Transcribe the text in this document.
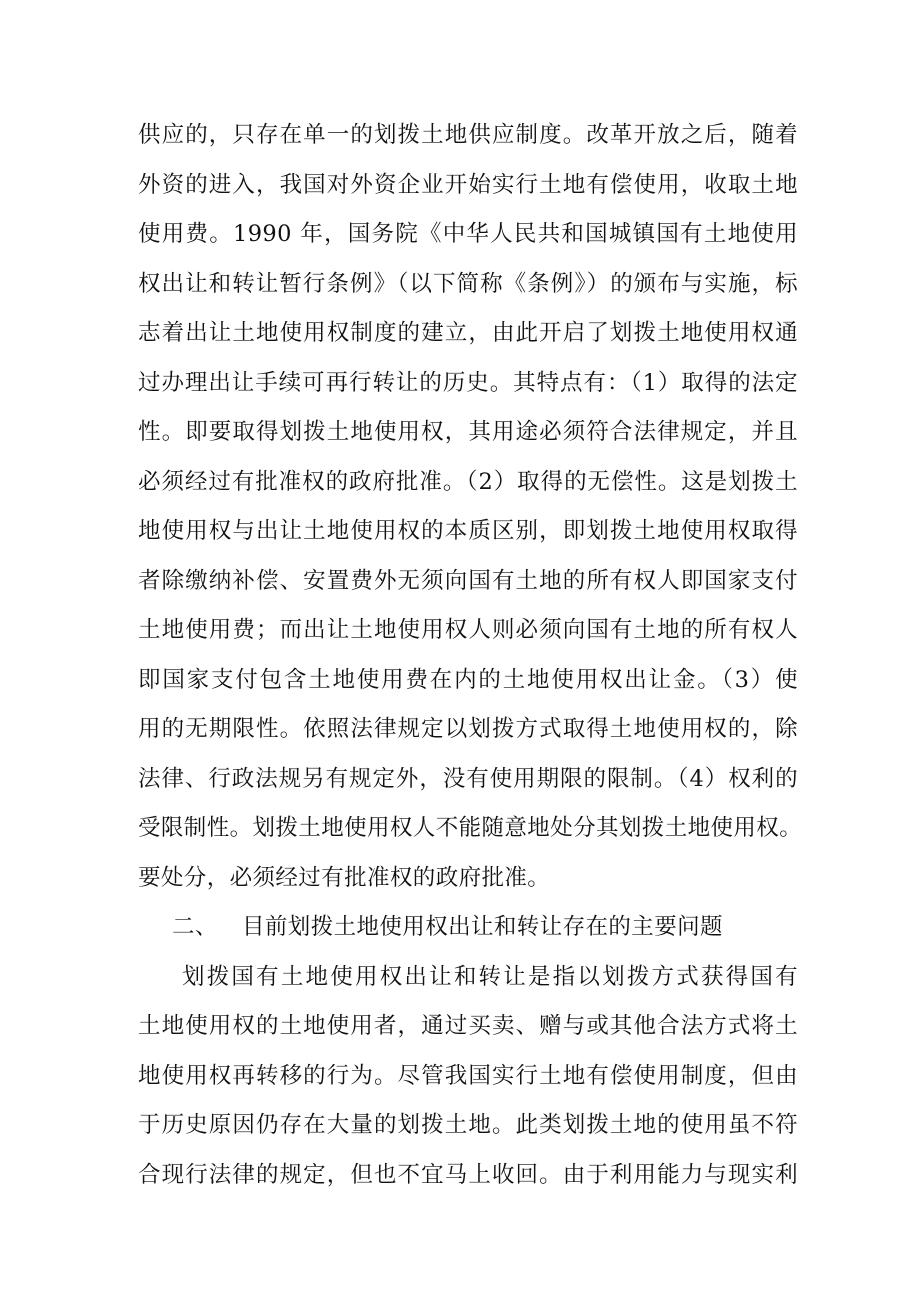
供应的，只存在单一的划拨土地供应制度。改革开放之后，随着
外资的进入，我国对外资企业开始实行土地有偿使用，收取土地
使用费。1990 年，国务院《中华人民共和国城镇国有土地使用
权出让和转让暂行条例》（以下简称《条例》）的颁布与实施，标
志着出让土地使用权制度的建立，由此开启了划拨土地使用权通
过办理出让手续可再行转让的历史。其特点有：（1）取得的法定
性。即要取得划拨土地使用权，其用途必须符合法律规定，并且
必须经过有批准权的政府批准。（2）取得的无偿性。这是划拨土
地使用权与出让土地使用权的本质区别，即划拨土地使用权取得
者除缴纳补偿、安置费外无须向国有土地的所有权人即国家支付
土地使用费；而出让土地使用权人则必须向国有土地的所有权人
即国家支付包含土地使用费在内的土地使用权出让金。（3）使
用的无期限性。依照法律规定以划拨方式取得土地使用权的，除
法律、行政法规另有规定外，没有使用期限的限制。（4）权利的
受限制性。划拨土地使用权人不能随意地处分其划拨土地使用权。
要处分，必须经过有批准权的政府批准。
二、 目前划拨土地使用权出让和转让存在的主要问题
划拨国有土地使用权出让和转让是指以划拨方式获得国有
土地使用权的土地使用者，通过买卖、赠与或其他合法方式将土
地使用权再转移的行为。尽管我国实行土地有偿使用制度，但由
于历史原因仍存在大量的划拨土地。此类划拨土地的使用虽不符
合现行法律的规定，但也不宜马上收回。由于利用能力与现实利
